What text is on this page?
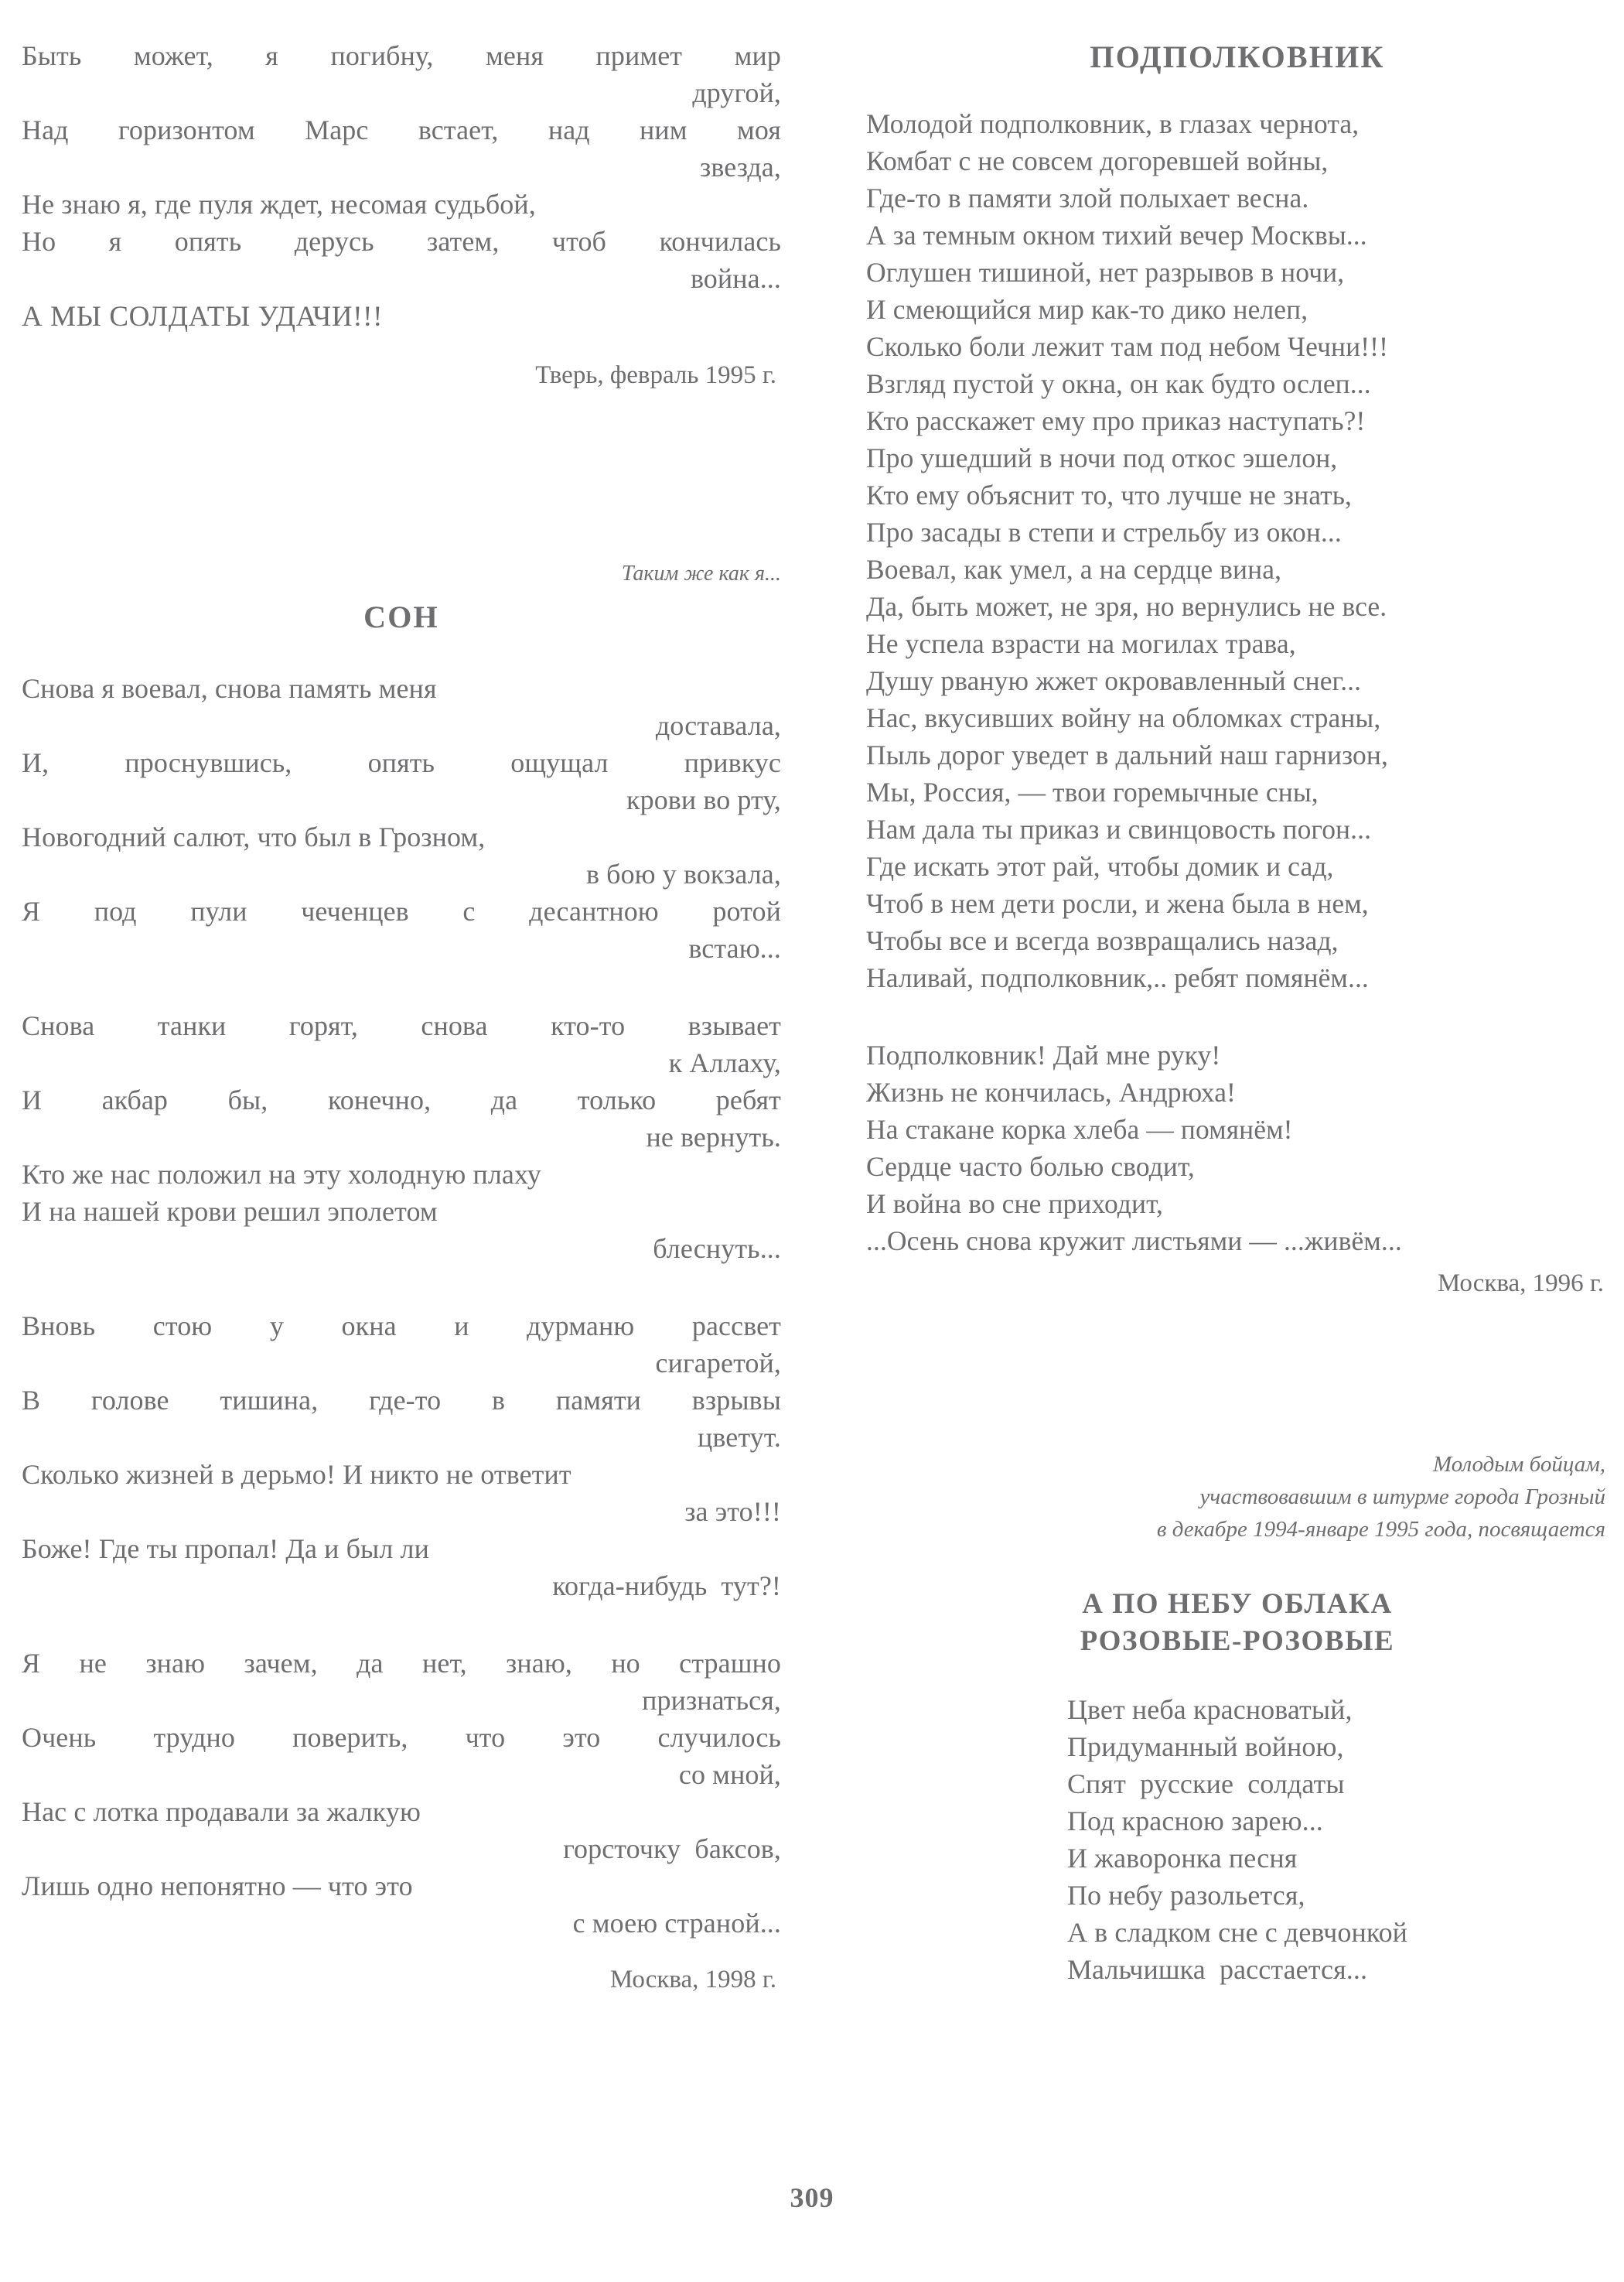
Быть может, я погибну, меня примет мир
другой,
Над горизонтом Марс встает, над ним моя
звезда,
Не знаю я, где пуля ждет, несомая судьбой,
Но я опять дерусь затем, чтоб кончилась
война...
А МЫ СОЛДАТЫ УДАЧИ!!!
Тверь, февраль 1995 г.
Таким же как я...
СОН
Снова я воевал, снова память меня
доставала,
И, проснувшись, опять ощущал привкус
крови во рту,
Новогодний салют, что был в Грозном,
в бою у вокзала,
Я под пули чеченцев с десантною ротой
встаю...
Снова танки горят, снова кто-то взывает
к Аллаху,
И акбар бы, конечно, да только ребят
не вернуть.
Кто же нас положил на эту холодную плаху
И на нашей крови решил эполетом
блеснуть...
Вновь стою у окна и дурманю рассвет
сигаретой,
В голове тишина, где-то в памяти взрывы
цветут.
Сколько жизней в дерьмо! И никто не ответит
за это!!!
Боже! Где ты пропал! Да и был ли
когда-нибудь  тут?!
Я не знаю зачем, да нет, знаю, но страшно
признаться,
Очень трудно поверить, что это случилось
со мной,
Нас с лотка продавали за жалкую
горсточку  баксов,
Лишь одно непонятно — что это
с моею страной...
Москва, 1998 г.
ПОДПОЛКОВНИК
Молодой подполковник, в глазах чернота,
Комбат с не совсем догоревшей войны,
Где-то в памяти злой полыхает весна.
А за темным окном тихий вечер Москвы...
Оглушен тишиной, нет разрывов в ночи,
И смеющийся мир как-то дико нелеп,
Сколько боли лежит там под небом Чечни!!!
Взгляд пустой у окна, он как будто ослеп...
Кто расскажет ему про приказ наступать?!
Про ушедший в ночи под откос эшелон,
Кто ему объяснит то, что лучше не знать,
Про засады в степи и стрельбу из окон...
Воевал, как умел, а на сердце вина,
Да, быть может, не зря, но вернулись не все.
Не успела взрасти на могилах трава,
Душу рваную жжет окровавленный снег...
Нас, вкусивших войну на обломках страны,
Пыль дорог уведет в дальний наш гарнизон,
Мы, Россия, — твои горемычные сны,
Нам дала ты приказ и свинцовость погон...
Где искать этот рай, чтобы домик и сад,
Чтоб в нем дети росли, и жена была в нем,
Чтобы все и всегда возвращались назад,
Наливай, подполковник,.. ребят помянём...
Подполковник! Дай мне руку!
Жизнь не кончилась, Андрюха!
На стакане корка хлеба — помянём!
Сердце часто болью сводит,
И война во сне приходит,
...Осень снова кружит листьями — ...живём...
Москва, 1996 г.
Молодым бойцам,
участвовавшим в штурме города Грозный
в декабре 1994-январе 1995 года, посвящается
А ПО НЕБУ ОБЛАКА
РОЗОВЫЕ-РОЗОВЫЕ
Цвет неба красноватый,
Придуманный войною,
Спят  русские  солдаты
Под красною зарею...
И жаворонка песня
По небу разольется,
А в сладком сне с девчонкой
Мальчишка  расстается...
309
